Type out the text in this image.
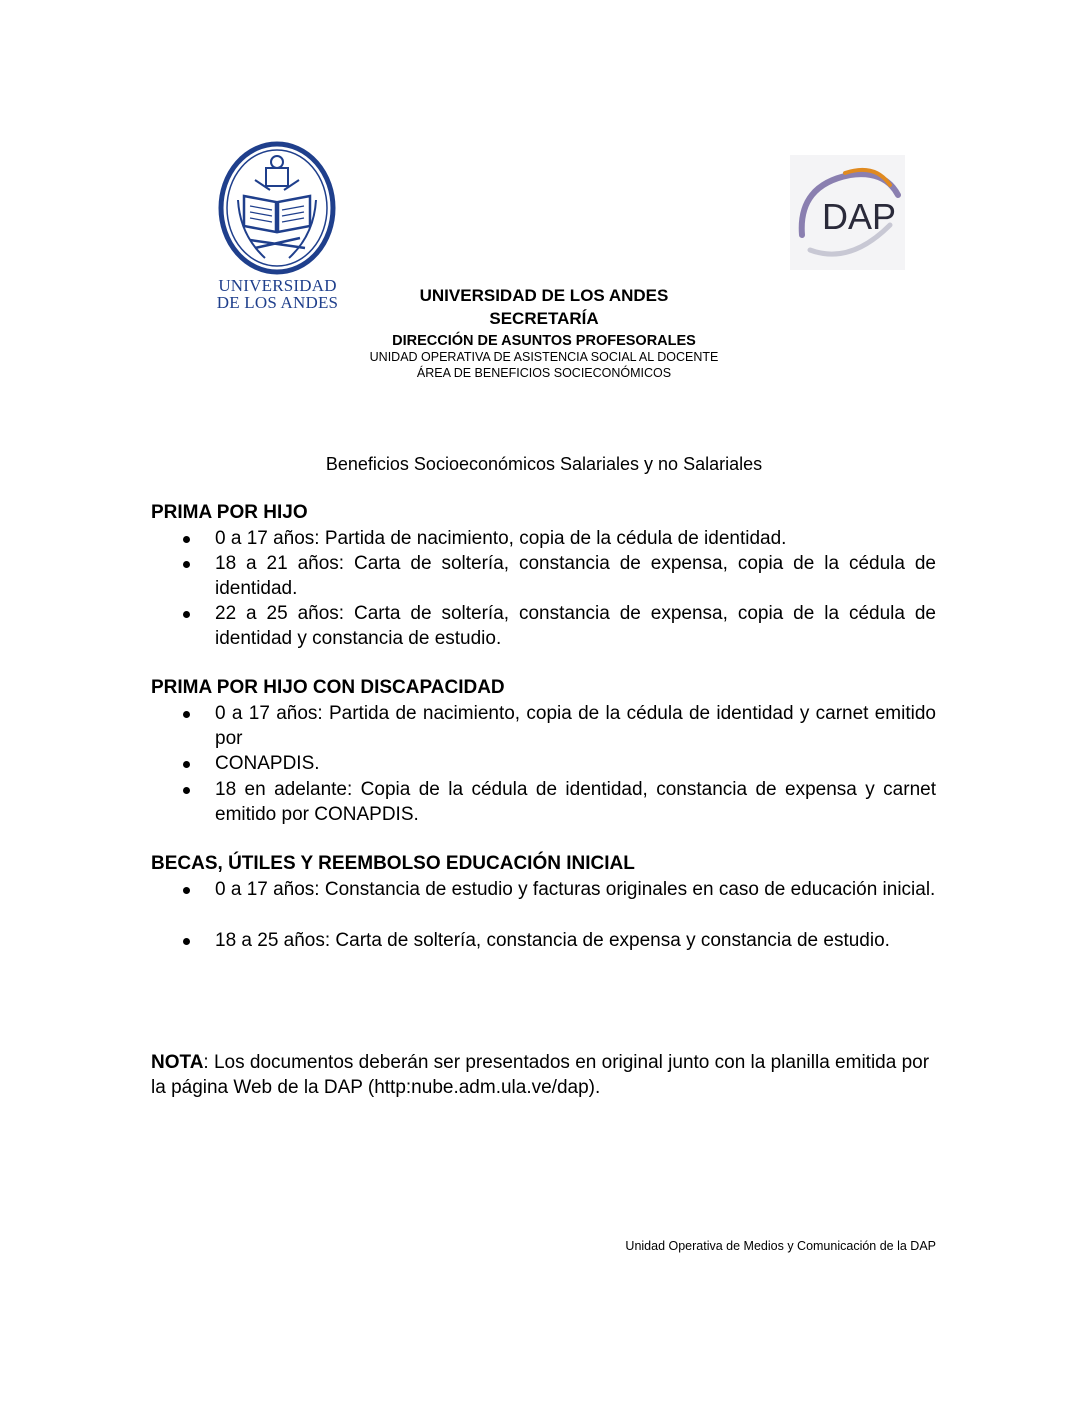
UNIVERSIDAD
DE LOS ANDES
DAP
UNIVERSIDAD DE LOS ANDES
SECRETARÍA
DIRECCIÓN DE ASUNTOS PROFESORALES
UNIDAD OPERATIVA DE ASISTENCIA SOCIAL AL DOCENTE
ÁREA DE BENEFICIOS SOCIECONÓMICOS
Beneficios Socioeconómicos Salariales y no Salariales
PRIMA POR HIJO
0 a 17 años: Partida de nacimiento, copia de la cédula de identidad.
18 a 21 años: Carta de soltería, constancia de expensa, copia de la cédula de identidad.
22 a 25 años: Carta de soltería, constancia de expensa, copia de la cédula de identidad y constancia de estudio.
PRIMA POR HIJO CON DISCAPACIDAD
0 a 17 años: Partida de nacimiento, copia de la cédula de identidad y carnet emitido por
CONAPDIS.
18 en adelante: Copia de la cédula de identidad, constancia de expensa y carnet emitido por CONAPDIS.
BECAS, ÚTILES Y REEMBOLSO EDUCACIÓN INICIAL
0 a 17 años: Constancia de estudio y facturas originales en caso de educación inicial.
18 a 25 años: Carta de soltería, constancia de expensa y constancia de estudio.
NOTA: Los documentos deberán ser presentados en original junto con la planilla emitida por la página Web de la DAP (http:nube.adm.ula.ve/dap).
Unidad Operativa de Medios y Comunicación de la DAP
